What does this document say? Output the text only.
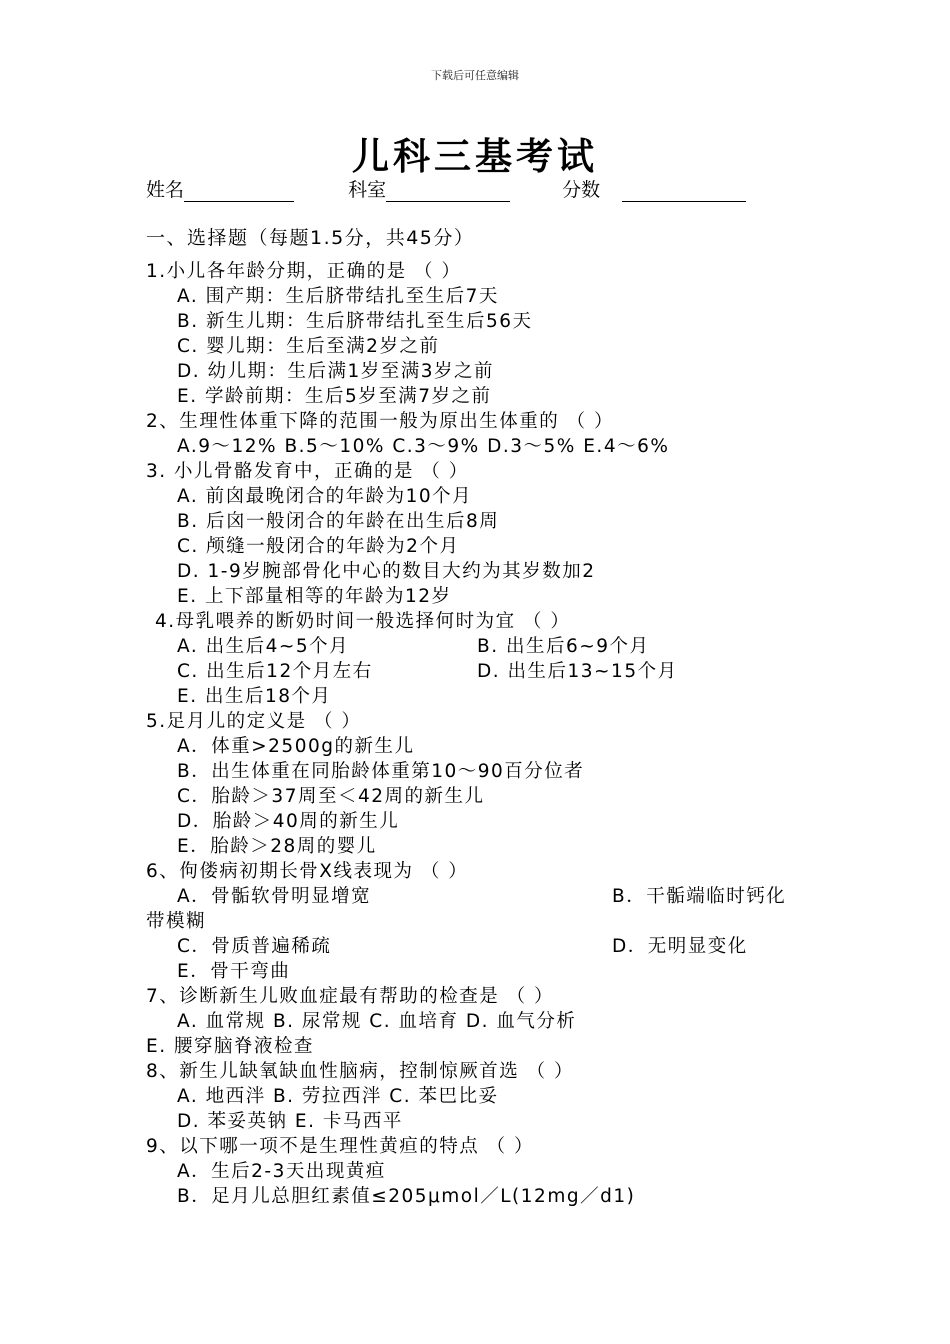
下载后可任意编辑
儿科三基考试
姓名	科室	分数
一、选择题（每题1.5分，共45分）
1.小儿各年龄分期，正确的是 （ ）
A. 围产期：生后脐带结扎至生后7天
B. 新生儿期：生后脐带结扎至生后56天
C. 婴儿期：生后至满2岁之前
D. 幼儿期：生后满1岁至满3岁之前
E. 学龄前期：生后5岁至满7岁之前
2、生理性体重下降的范围一般为原出生体重的 （ ）
A.9～12% B.5～10% C.3～9% D.3～5% E.4～6%
3. 小儿骨骼发育中，正确的是 （ ）
A. 前囟最晚闭合的年龄为10个月
B. 后囟一般闭合的年龄在出生后8周
C. 颅缝一般闭合的年龄为2个月
D. 1-9岁腕部骨化中心的数目大约为其岁数加2
E. 上下部量相等的年龄为12岁
4.母乳喂养的断奶时间一般选择何时为宜 （ ）
A. 出生后4~5个月	B. 出生后6~9个月
C. 出生后12个月左右	D. 出生后13~15个月
E. 出生后18个月
5.足月儿的定义是 （ ）
A．体重>2500g的新生儿
B．出生体重在同胎龄体重第10～90百分位者
C．胎龄＞37周至＜42周的新生儿
D．胎龄＞40周的新生儿
E．胎龄＞28周的婴儿
6、佝偻病初期长骨X线表现为 （ ）
A．骨骺软骨明显增宽	B．干骺端临时钙化
带模糊
C．骨质普遍稀疏	D．无明显变化
E．骨干弯曲
7、诊断新生儿败血症最有帮助的检查是 （ ）
A. 血常规 B. 尿常规 C. 血培育 D. 血气分析
E. 腰穿脑脊液检查
8、新生儿缺氧缺血性脑病，控制惊厥首选 （ ）
A. 地西泮 B. 劳拉西泮 C. 苯巴比妥
D. 苯妥英钠 E. 卡马西平
9、以下哪一项不是生理性黄疸的特点 （ ）
A．生后2-3天出现黄疸
B．足月儿总胆红素值≤205μmol／L(12mg／d1)
